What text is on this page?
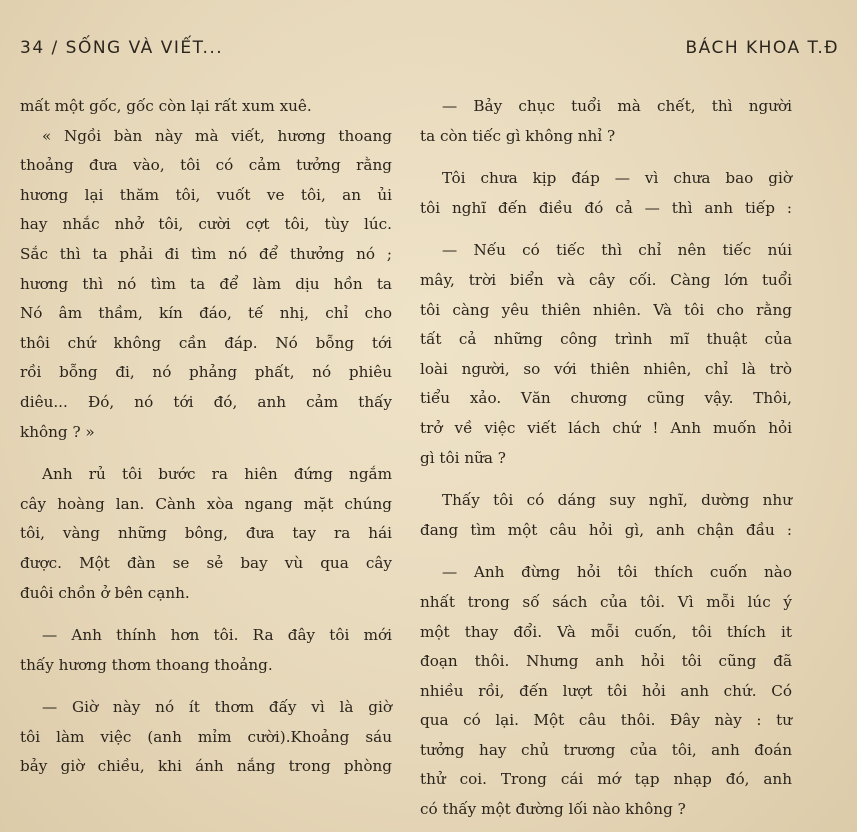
34 / SỐNG VÀ VIẾT...	BÁCH KHOA T.Đ
mất một gốc, gốc còn lại rất xum xuê.
« Ngồi bàn này mà viết, hương thoang
thoảng đưa vào, tôi có cảm tưởng rằng
hương lại thăm tôi, vuốt ve tôi, an ủi
hay nhắc nhở tôi, cười cợt tôi, tùy lúc.
Sắc thì ta phải đi tìm nó để thưởng nó ;
hương thì nó tìm ta để làm dịu hồn ta
Nó âm thầm, kín đáo, tế nhị, chỉ cho
thôi chứ không cần đáp. Nó bỗng tới
rồi bỗng đi, nó phảng phất, nó phiêu
diêu... Đó, nó tới đó, anh cảm thấy
không ? »
Anh rủ tôi bước ra hiên đứng ngắm
cây hoàng lan. Cành xòa ngang mặt chúng
tôi, vàng những bông, đưa tay ra hái
được. Một đàn se sẻ bay vù qua cây
đuôi chồn ở bên cạnh.
— Anh thính hơn tôi. Ra đây tôi mới
thấy hương thơm thoang thoảng.
— Giờ này nó ít thơm đấy vì là giờ
tôi làm việc (anh mỉm cười).Khoảng sáu
bảy giờ chiều, khi ánh nắng trong phòng
— Bảy chục tuổi mà chết, thì người
ta còn tiếc gì không nhỉ ?
Tôi chưa kịp đáp — vì chưa bao giờ
tôi nghĩ đến điều đó cả — thì anh tiếp :
— Nếu có tiếc thì chỉ nên tiếc núi
mây, trời biển và cây cối. Càng lớn tuổi
tôi càng yêu thiên nhiên. Và tôi cho rằng
tất cả những công trình mĩ thuật của
loài người, so với thiên nhiên, chỉ là trò
tiểu xảo. Văn chương cũng vậy. Thôi,
trở về việc viết lách chứ ! Anh muốn hỏi
gì tôi nữa ?
Thấy tôi có dáng suy nghĩ, dường như
đang tìm một câu hỏi gì, anh chận đầu :
— Anh đừng hỏi tôi thích cuốn nào
nhất trong số sách của tôi. Vì mỗi lúc ý
một thay đổi. Và mỗi cuốn, tôi thích it
đoạn thôi. Nhưng anh hỏi tôi cũng đã
nhiều rồi, đến lượt tôi hỏi anh chứ. Có
qua có lại. Một câu thôi. Đây này : tư
tưởng hay chủ trương của tôi, anh đoán
thử coi. Trong cái mớ tạp nhạp đó, anh
có thấy một đường lối nào không ?
